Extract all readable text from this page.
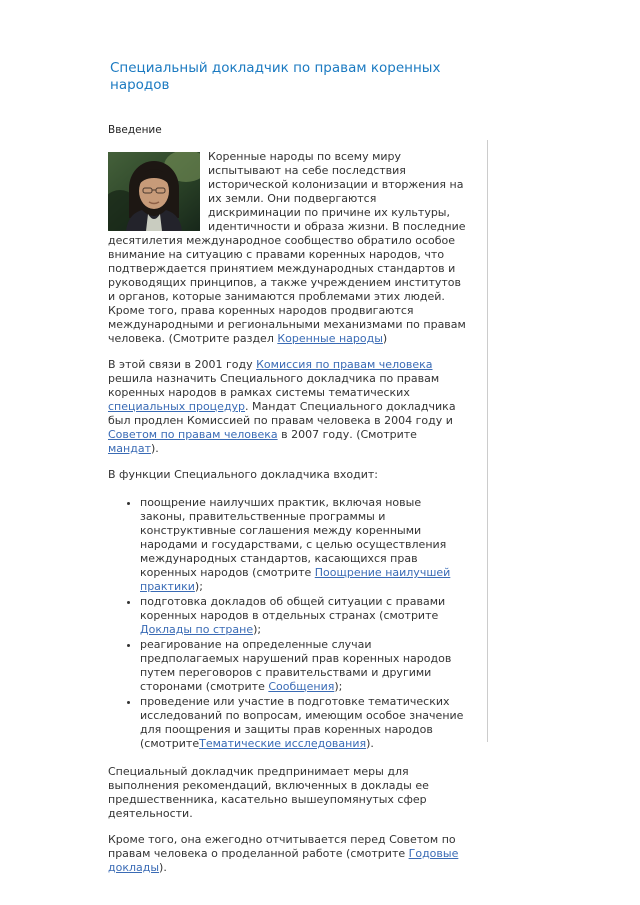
Специальный докладчик по правам коренных народов
Введение
Коренные народы по всему миру испытывают на себе последствия исторической колонизации и вторжения на их земли. Они подвергаются дискриминации по причине их культуры, идентичности и образа жизни. В последние десятилетия международное сообщество обратило особое внимание на ситуацию с правами коренных народов, что подтверждается принятием международных стандартов и руководящих принципов, а также учреждением институтов и органов, которые занимаются проблемами этих людей. Кроме того, права коренных народов продвигаются международными и региональными механизмами по правам человека. (Смотрите раздел Коренные народы)
В этой связи в 2001 году Комиссия по правам человека решила назначить Специального докладчика по правам коренных народов в рамках системы тематических специальных процедур. Мандат Специального докладчика был продлен Комиссией по правам человека в 2004 году и Советом по правам человека в 2007 году. (Смотрите мандат).
В функции Специального докладчика входит:
• поощрение наилучших практик, включая новые законы, правительственные программы и конструктивные соглашения между коренными народами и государствами, с целью осуществления международных стандартов, касающихся прав коренных народов (смотрите Поощрение наилучшей практики);
• подготовка докладов об общей ситуации с правами коренных народов в отдельных странах (смотрите Доклады по стране);
• реагирование на определенные случаи предполагаемых нарушений прав коренных народов путем переговоров с правительствами и другими сторонами (смотрите Сообщения);
• проведение или участие в подготовке тематических исследований по вопросам, имеющим особое значение для поощрения и защиты прав коренных народов (смотритеТематические исследования).
Специальный докладчик предпринимает меры для выполнения рекомендаций, включенных в доклады ее предшественника, касательно вышеупомянутых сфер деятельности.
Кроме того, она ежегодно отчитывается перед Советом по правам человека о проделанной работе (смотрите Годовые доклады).
